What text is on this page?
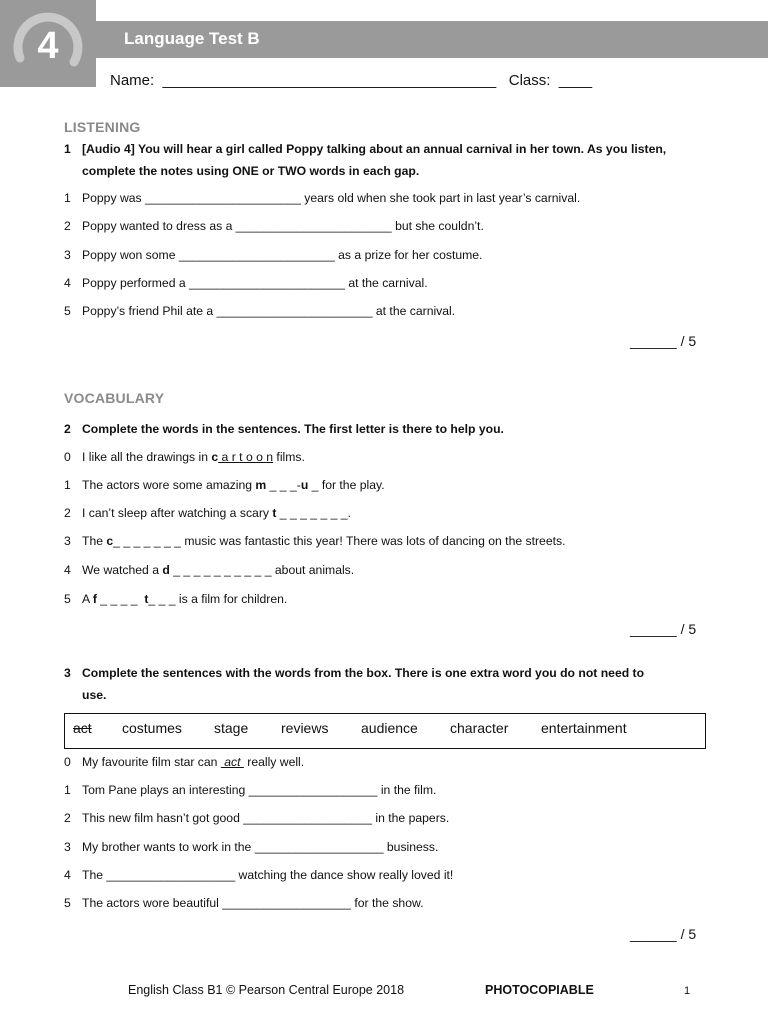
4	Language Test B
Name: ________________________________________ Class: ____
LISTENING
1 [Audio 4] You will hear a girl called Poppy talking about an annual carnival in her town. As you listen,
complete the notes using ONE or TWO words in each gap.
1 Poppy was _______________________ years old when she took part in last year’s carnival.
2 Poppy wanted to dress as a _______________________ but she couldn’t.
3 Poppy won some _______________________ as a prize for her costume.
4 Poppy performed a _______________________ at the carnival.
5 Poppy’s friend Phil ate a _______________________ at the carnival.
______ / 5
VOCABULARY
2 Complete the words in the sentences. The first letter is there to help you.
0 I like all the drawings in c a r t o o n films.
1 The actors wore some amazing m _ _ _-u _ for the play.
2 I can’t sleep after watching a scary t _ _ _ _ _ _ _.
3 The c_ _ _ _ _ _ _ music was fantastic this year! There was lots of dancing on the streets.
4 We watched a d _ _ _ _ _ _ _ _ _ _ about animals.
5 A f _ _ _ _  t_ _ _ is a film for children.
______ / 5
3 Complete the sentences with the words from the box. There is one extra word you do not need to
use.
act costumes stage reviews audience character entertainment
0 My favourite film star can  act  really well.
1 Tom Pane plays an interesting ___________________ in the film.
2 This new film hasn’t got good ___________________ in the papers.
3 My brother wants to work in the ___________________ business.
4 The ___________________ watching the dance show really loved it!
5 The actors wore beautiful ___________________ for the show.
______ / 5
English Class B1 © Pearson Central Europe 2018	PHOTOCOPIABLE	1
